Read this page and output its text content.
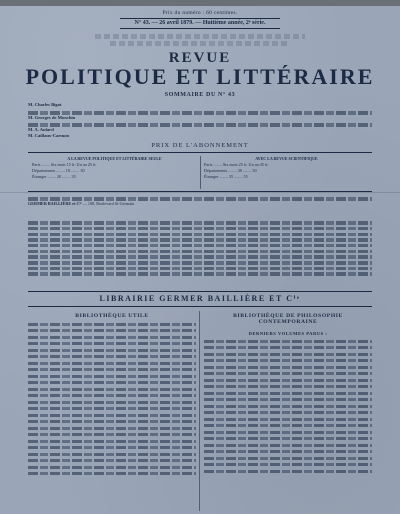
Prix du numéro : 60 centimes.
N° 43. — 26 avril 1879. — Huitième année, 2ᵉ série.
REVUE
POLITIQUE ET LITTÉRAIRE
SOMMAIRE DU N° 43

M. Charles Bigot

M. Georges de Monchin

M. A. Aulard

M. Caillaux-Carmon

PRIX DE L'ABONNEMENT
A LA REVUE POLITIQUE ET LITTÉRAIRE SEULE
Paris ........ Six mois 15 fr. Un an 25 fr.
Départements ........ 18 ........ 30
Étranger ........ 20 ........ 35
AVEC LA REVUE SCIENTIFIQUE
Paris ........ Six mois 25 fr. Un an 45 fr.
Départements ........ 30 ........ 50
Étranger ........ 35 ........ 55
GERMER BAILLIÈRE et Cⁱᵉ — 108, Boulevard St-Germain
LIBRAIRIE GERMER BAILLIÈRE ET Cⁱᵉ
BIBLIOTHÈQUE UTILE	BIBLIOTHÈQUE DE PHILOSOPHIE CONTEMPORAINE
DERNIERS VOLUMES PARUS :
